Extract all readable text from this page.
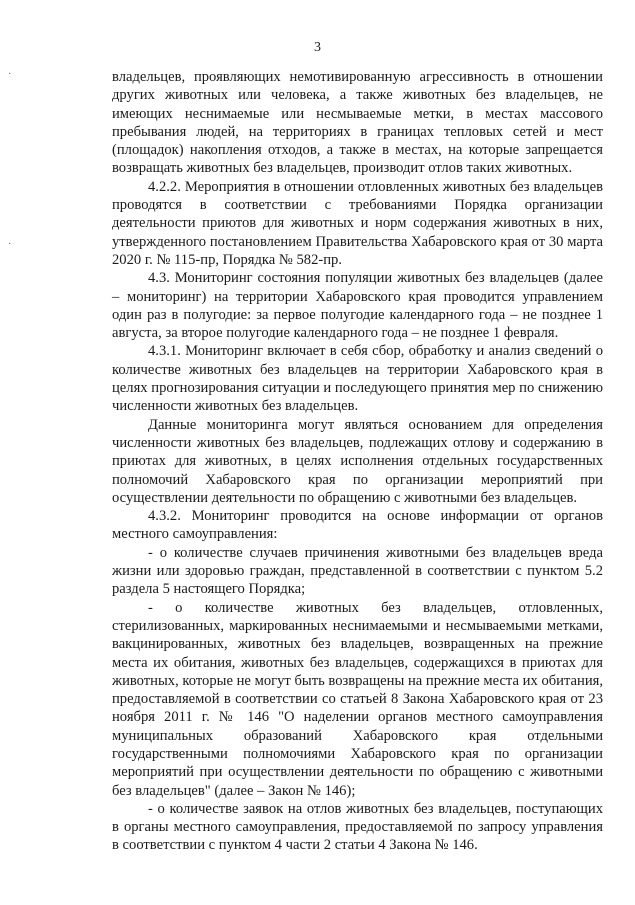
3
·
·

владельцев, проявляющих немотивированную агрессивность в отношении других животных или человека, а также животных без владельцев, не имеющих неснимаемые или несмываемые метки, в местах массового пребывания людей, на территориях в границах тепловых сетей и мест (площадок) накопления отходов, а также в местах, на которые запрещается возвращать животных без владельцев, производит отлов таких животных.

4.2.2. Мероприятия в отношении отловленных животных без владельцев проводятся в соответствии с требованиями Порядка организации деятельности приютов для животных и норм содержания животных в них, утвержденного постановлением Правительства Хабаровского края от 30 марта 2020 г. № 115-пр, Порядка № 582-пр.

4.3. Мониторинг состояния популяции животных без владельцев (далее – мониторинг) на территории Хабаровского края проводится управлением один раз в полугодие: за первое полугодие календарного года – не позднее 1 августа, за второе полугодие календарного года – не позднее 1 февраля.

4.3.1. Мониторинг включает в себя сбор, обработку и анализ сведений о количестве животных без владельцев на территории Хабаровского края в целях прогнозирования ситуации и последующего принятия мер по снижению численности животных без владельцев.

Данные мониторинга могут являться основанием для определения численности животных без владельцев, подлежащих отлову и содержанию в приютах для животных, в целях исполнения отдельных государственных полномочий Хабаровского края по организации мероприятий при осуществлении деятельности по обращению с животными без владельцев.

4.3.2. Мониторинг проводится на основе информации от органов местного самоуправления:

- о количестве случаев причинения животными без владельцев вреда жизни или здоровью граждан, представленной в соответствии с пунктом 5.2 раздела 5 настоящего Порядка;

- о количестве животных без владельцев, отловленных, стерилизованных, маркированных неснимаемыми и несмываемыми метками, вакцинированных, животных без владельцев, возвращенных на прежние места их обитания, животных без владельцев, содержащихся в приютах для животных, которые не могут быть возвращены на прежние места их обитания, предоставляемой в соответствии со статьей 8 Закона Хабаровского края от 23 ноября 2011 г. № 146 "О наделении органов местного самоуправления муниципальных образований Хабаровского края отдельными государственными полномочиями Хабаровского края по организации мероприятий при осуществлении деятельности по обращению с животными без владельцев" (далее – Закон № 146);

- о количестве заявок на отлов животных без владельцев, поступающих в органы местного самоуправления, предоставляемой по запросу управления в соответствии с пунктом 4 части 2 статьи 4 Закона № 146.
